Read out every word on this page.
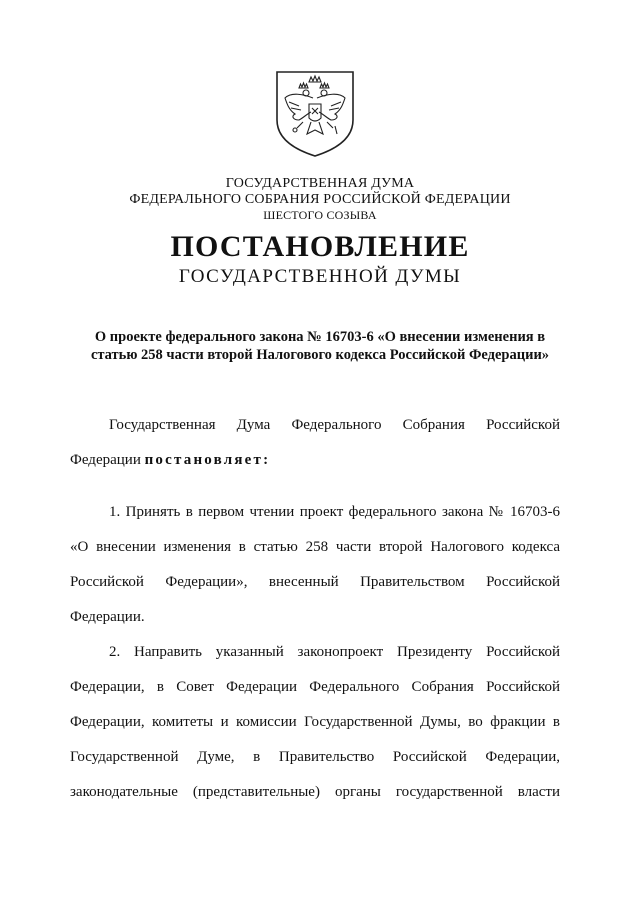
ГОСУДАРСТВЕННАЯ ДУМА
ФЕДЕРАЛЬНОГО СОБРАНИЯ РОССИЙСКОЙ ФЕДЕРАЦИИ
ШЕСТОГО СОЗЫВА
ПОСТАНОВЛЕНИЕ
ГОСУДАРСТВЕННОЙ ДУМЫ
О проекте федерального закона № 16703-6 «О внесении изменения в
статью 258 части второй Налогового кодекса Российской Федерации»
Государственная Дума Федерального Собрания Российской
Федерации постановляет:
1. Принять в первом чтении проект федерального закона № 16703-6
«О внесении изменения в статью 258 части второй Налогового кодекса
Российской Федерации», внесенный Правительством Российской
Федерации.
2. Направить указанный законопроект Президенту Российской
Федерации, в Совет Федерации Федерального Собрания Российской
Федерации, комитеты и комиссии Государственной Думы, во фракции в
Государственной Думе, в Правительство Российской Федерации,
законодательные (представительные) органы государственной власти
